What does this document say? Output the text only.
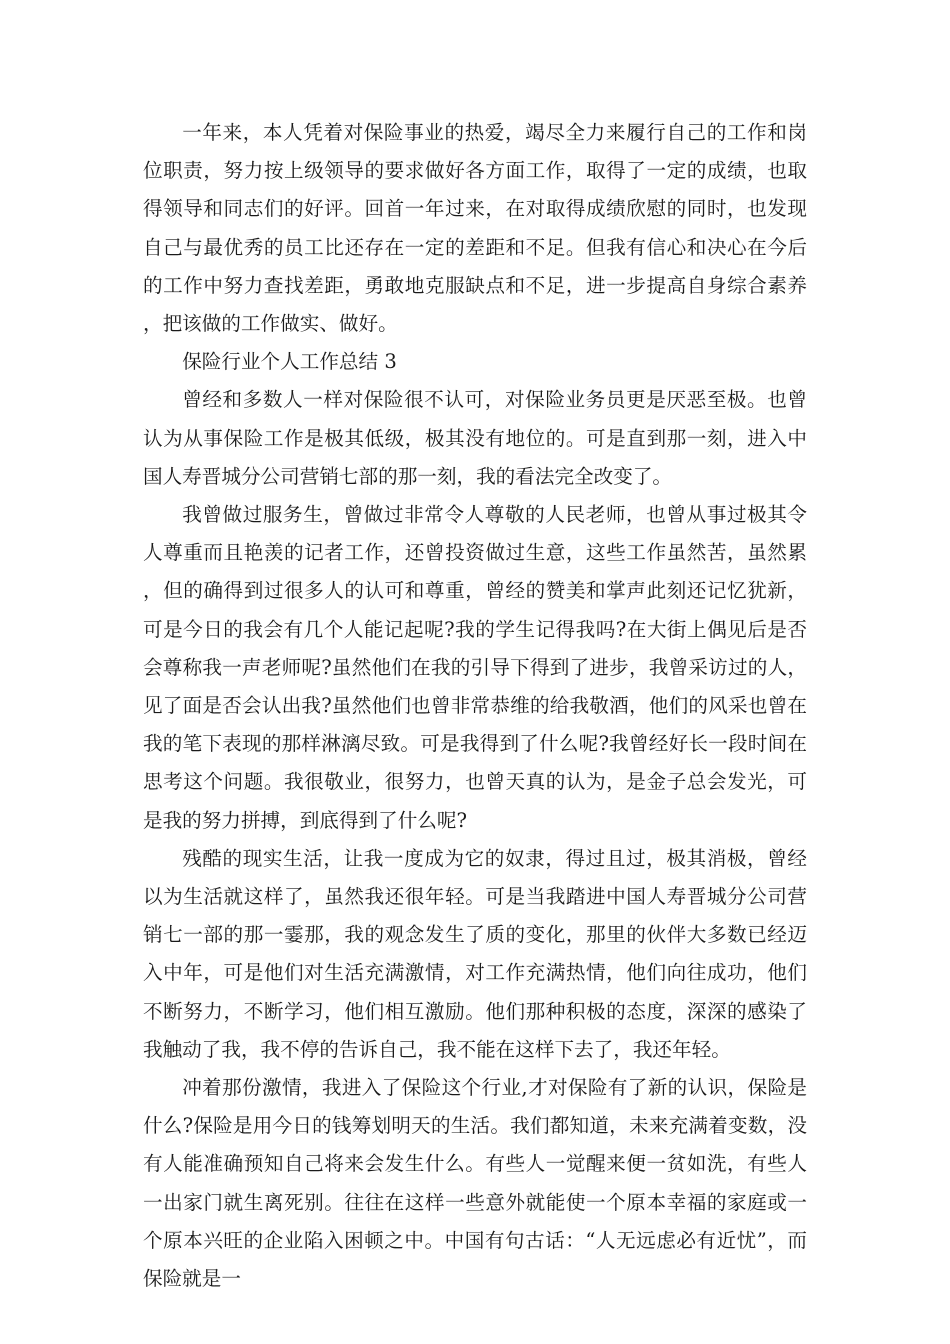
一年来，本人凭着对保险事业的热爱，竭尽全力来履行自己的工作和岗位职责，努力按上级领导的要求做好各方面工作，取得了一定的成绩，也取得领导和同志们的好评。回首一年过来，在对取得成绩欣慰的同时，也发现自己与最优秀的员工比还存在一定的差距和不足。但我有信心和决心在今后的工作中努力查找差距，勇敢地克服缺点和不足，进一步提高自身综合素养，把该做的工作做实、做好。

保险行业个人工作总结 3

曾经和多数人一样对保险很不认可，对保险业务员更是厌恶至极。也曾认为从事保险工作是极其低级，极其没有地位的。可是直到那一刻，进入中国人寿晋城分公司营销七部的那一刻，我的看法完全改变了。

我曾做过服务生，曾做过非常令人尊敬的人民老师，也曾从事过极其令人尊重而且艳羡的记者工作，还曾投资做过生意，这些工作虽然苦，虽然累，但的确得到过很多人的认可和尊重，曾经的赞美和掌声此刻还记忆犹新，可是今日的我会有几个人能记起呢?我的学生记得我吗?在大街上偶见后是否会尊称我一声老师呢?虽然他们在我的引导下得到了进步，我曾采访过的人，见了面是否会认出我?虽然他们也曾非常恭维的给我敬酒，他们的风采也曾在我的笔下表现的那样淋漓尽致。可是我得到了什么呢?我曾经好长一段时间在思考这个问题。我很敬业，很努力，也曾天真的认为，是金子总会发光，可是我的努力拼搏，到底得到了什么呢?

残酷的现实生活，让我一度成为它的奴隶，得过且过，极其消极，曾经以为生活就这样了，虽然我还很年轻。可是当我踏进中国人寿晋城分公司营销七一部的那一霎那，我的观念发生了质的变化，那里的伙伴大多数已经迈入中年，可是他们对生活充满激情，对工作充满热情，他们向往成功，他们不断努力，不断学习，他们相互激励。他们那种积极的态度，深深的感染了我触动了我，我不停的告诉自己，我不能在这样下去了，我还年轻。

冲着那份激情，我进入了保险这个行业,才对保险有了新的认识，保险是什么?保险是用今日的钱筹划明天的生活。我们都知道，未来充满着变数，没有人能准确预知自己将来会发生什么。有些人一觉醒来便一贫如洗，有些人一出家门就生离死别。往往在这样一些意外就能使一个原本幸福的家庭或一个原本兴旺的企业陷入困顿之中。中国有句古话：“人无远虑必有近忧”，而保险就是一
